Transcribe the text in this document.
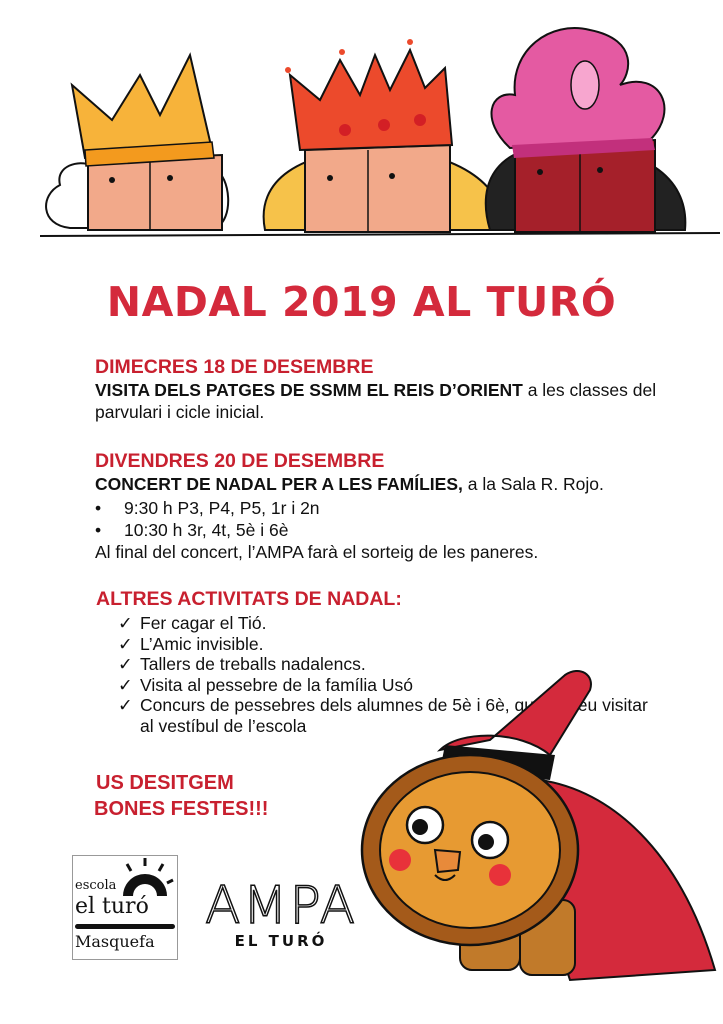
NADAL 2019 AL TURÓ
DIMECRES 18 DE DESEMBRE
VISITA DELS PATGES DE SSMM EL REIS D’ORIENT a les classes del parvulari i cicle inicial.
DIVENDRES 20 DE DESEMBRE
CONCERT DE NADAL PER A LES FAMÍLIES, a la Sala R. Rojo.
• 9:30 h P3, P4, P5, 1r i 2n
• 10:30 h 3r, 4t, 5è i 6è
Al final del concert, l’AMPA farà el sorteig de les paneres.
ALTRES ACTIVITATS DE NADAL:
✓ Fer cagar el Tió.
✓ L’Amic invisible.
✓ Tallers de treballs nadalencs.
✓ Visita al pessebre de la família Usó
✓ Concurs de pessebres dels alumnes de 5è i 6è, que podeu visitar al vestíbul de l’escola
US DESITGEM
BONES FESTES!!!
escola
el turó
Masquefa
AMPA
EL TURÓ
